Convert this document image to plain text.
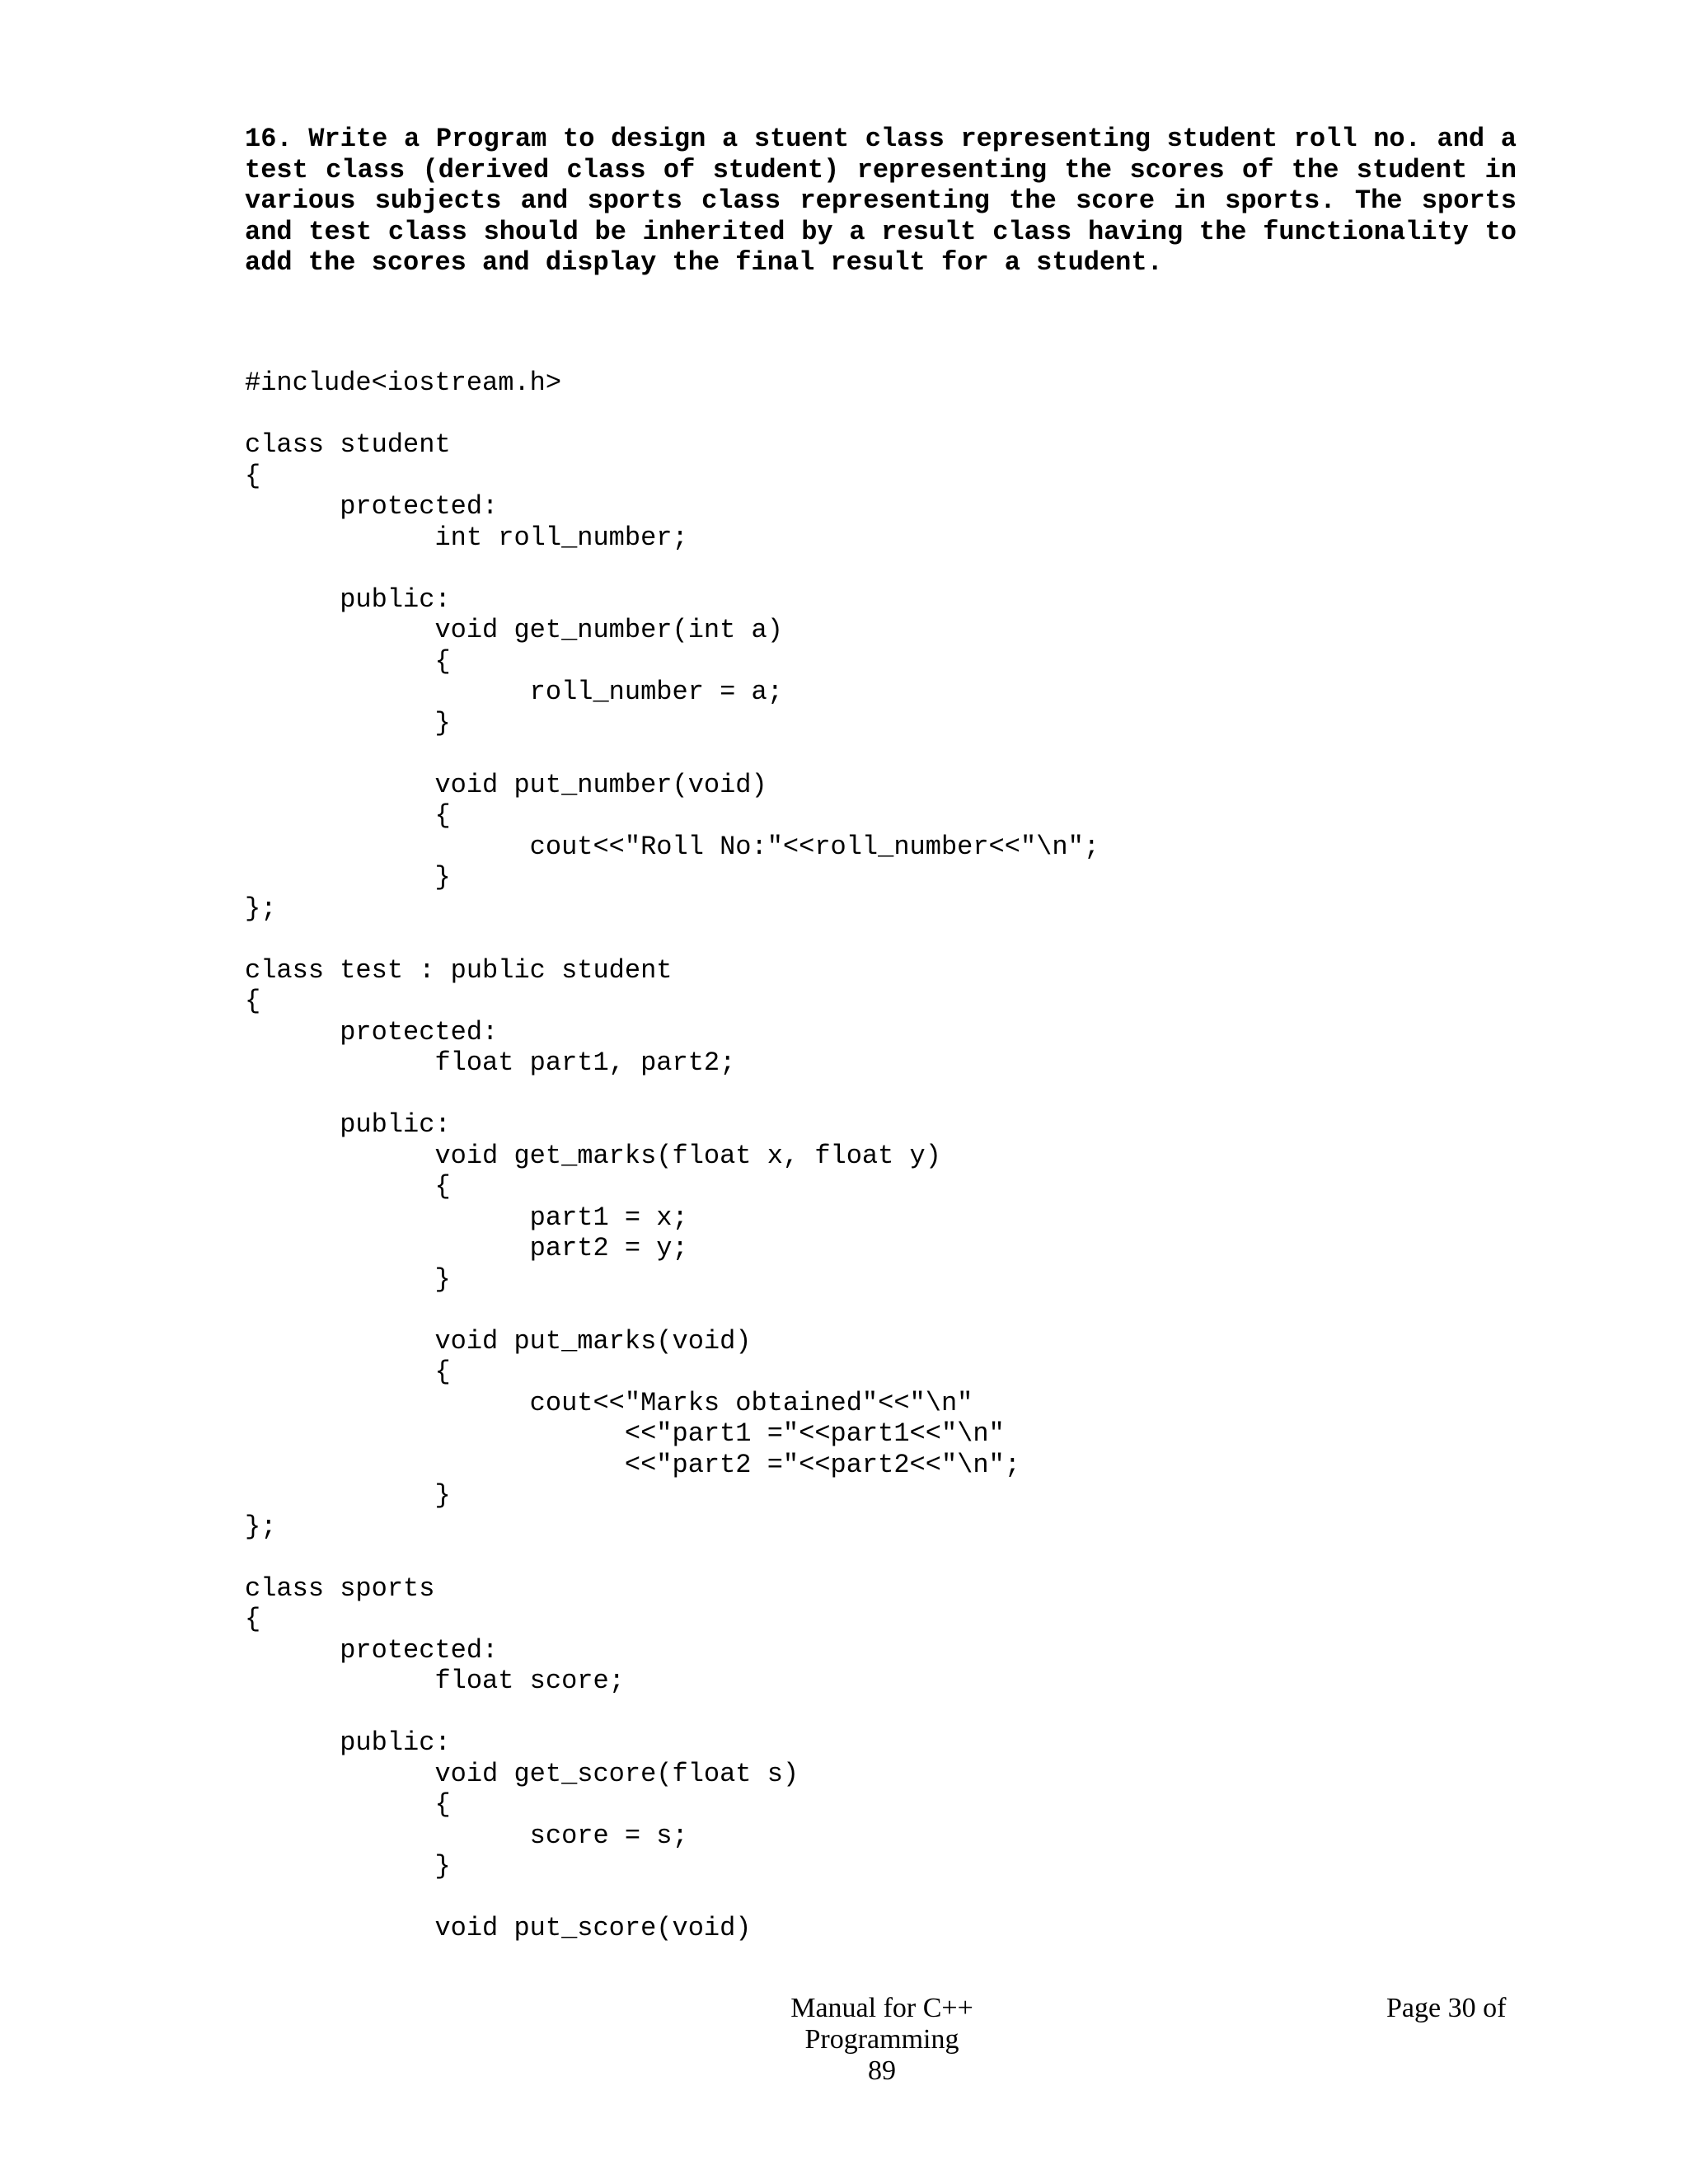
16. Write a Program to design a stuent class representing student roll no. and a test class (derived class of student) representing the scores of the student in various subjects and sports class representing the score in sports. The sports and test class should be inherited by a result class having the functionality to add the scores and display the final result for a student.

#include<iostream.h>
class student
{
	protected:
		int roll_number;
	public:
		void get_number(int a)
		{
			roll_number = a;
		}
		void put_number(void)
		{
			cout<<"Roll No:"<<roll_number<<"\n";
		}
};
class test : public student
{
	protected:
		float part1, part2;
	public:
		void get_marks(float x, float y)
		{
			part1 = x;
			part2 = y;
		}
		void put_marks(void)
		{
			cout<<"Marks obtained"<<"\n"
				<<"part1 ="<<part1<<"\n"
				<<"part2 ="<<part2<<"\n";
		}
};
class sports
{
	protected:
		float score;
	public:
		void get_score(float s)
		{
			score = s;
		}
		void put_score(void)
Manual for C++ Programming
89
Page 30 of
